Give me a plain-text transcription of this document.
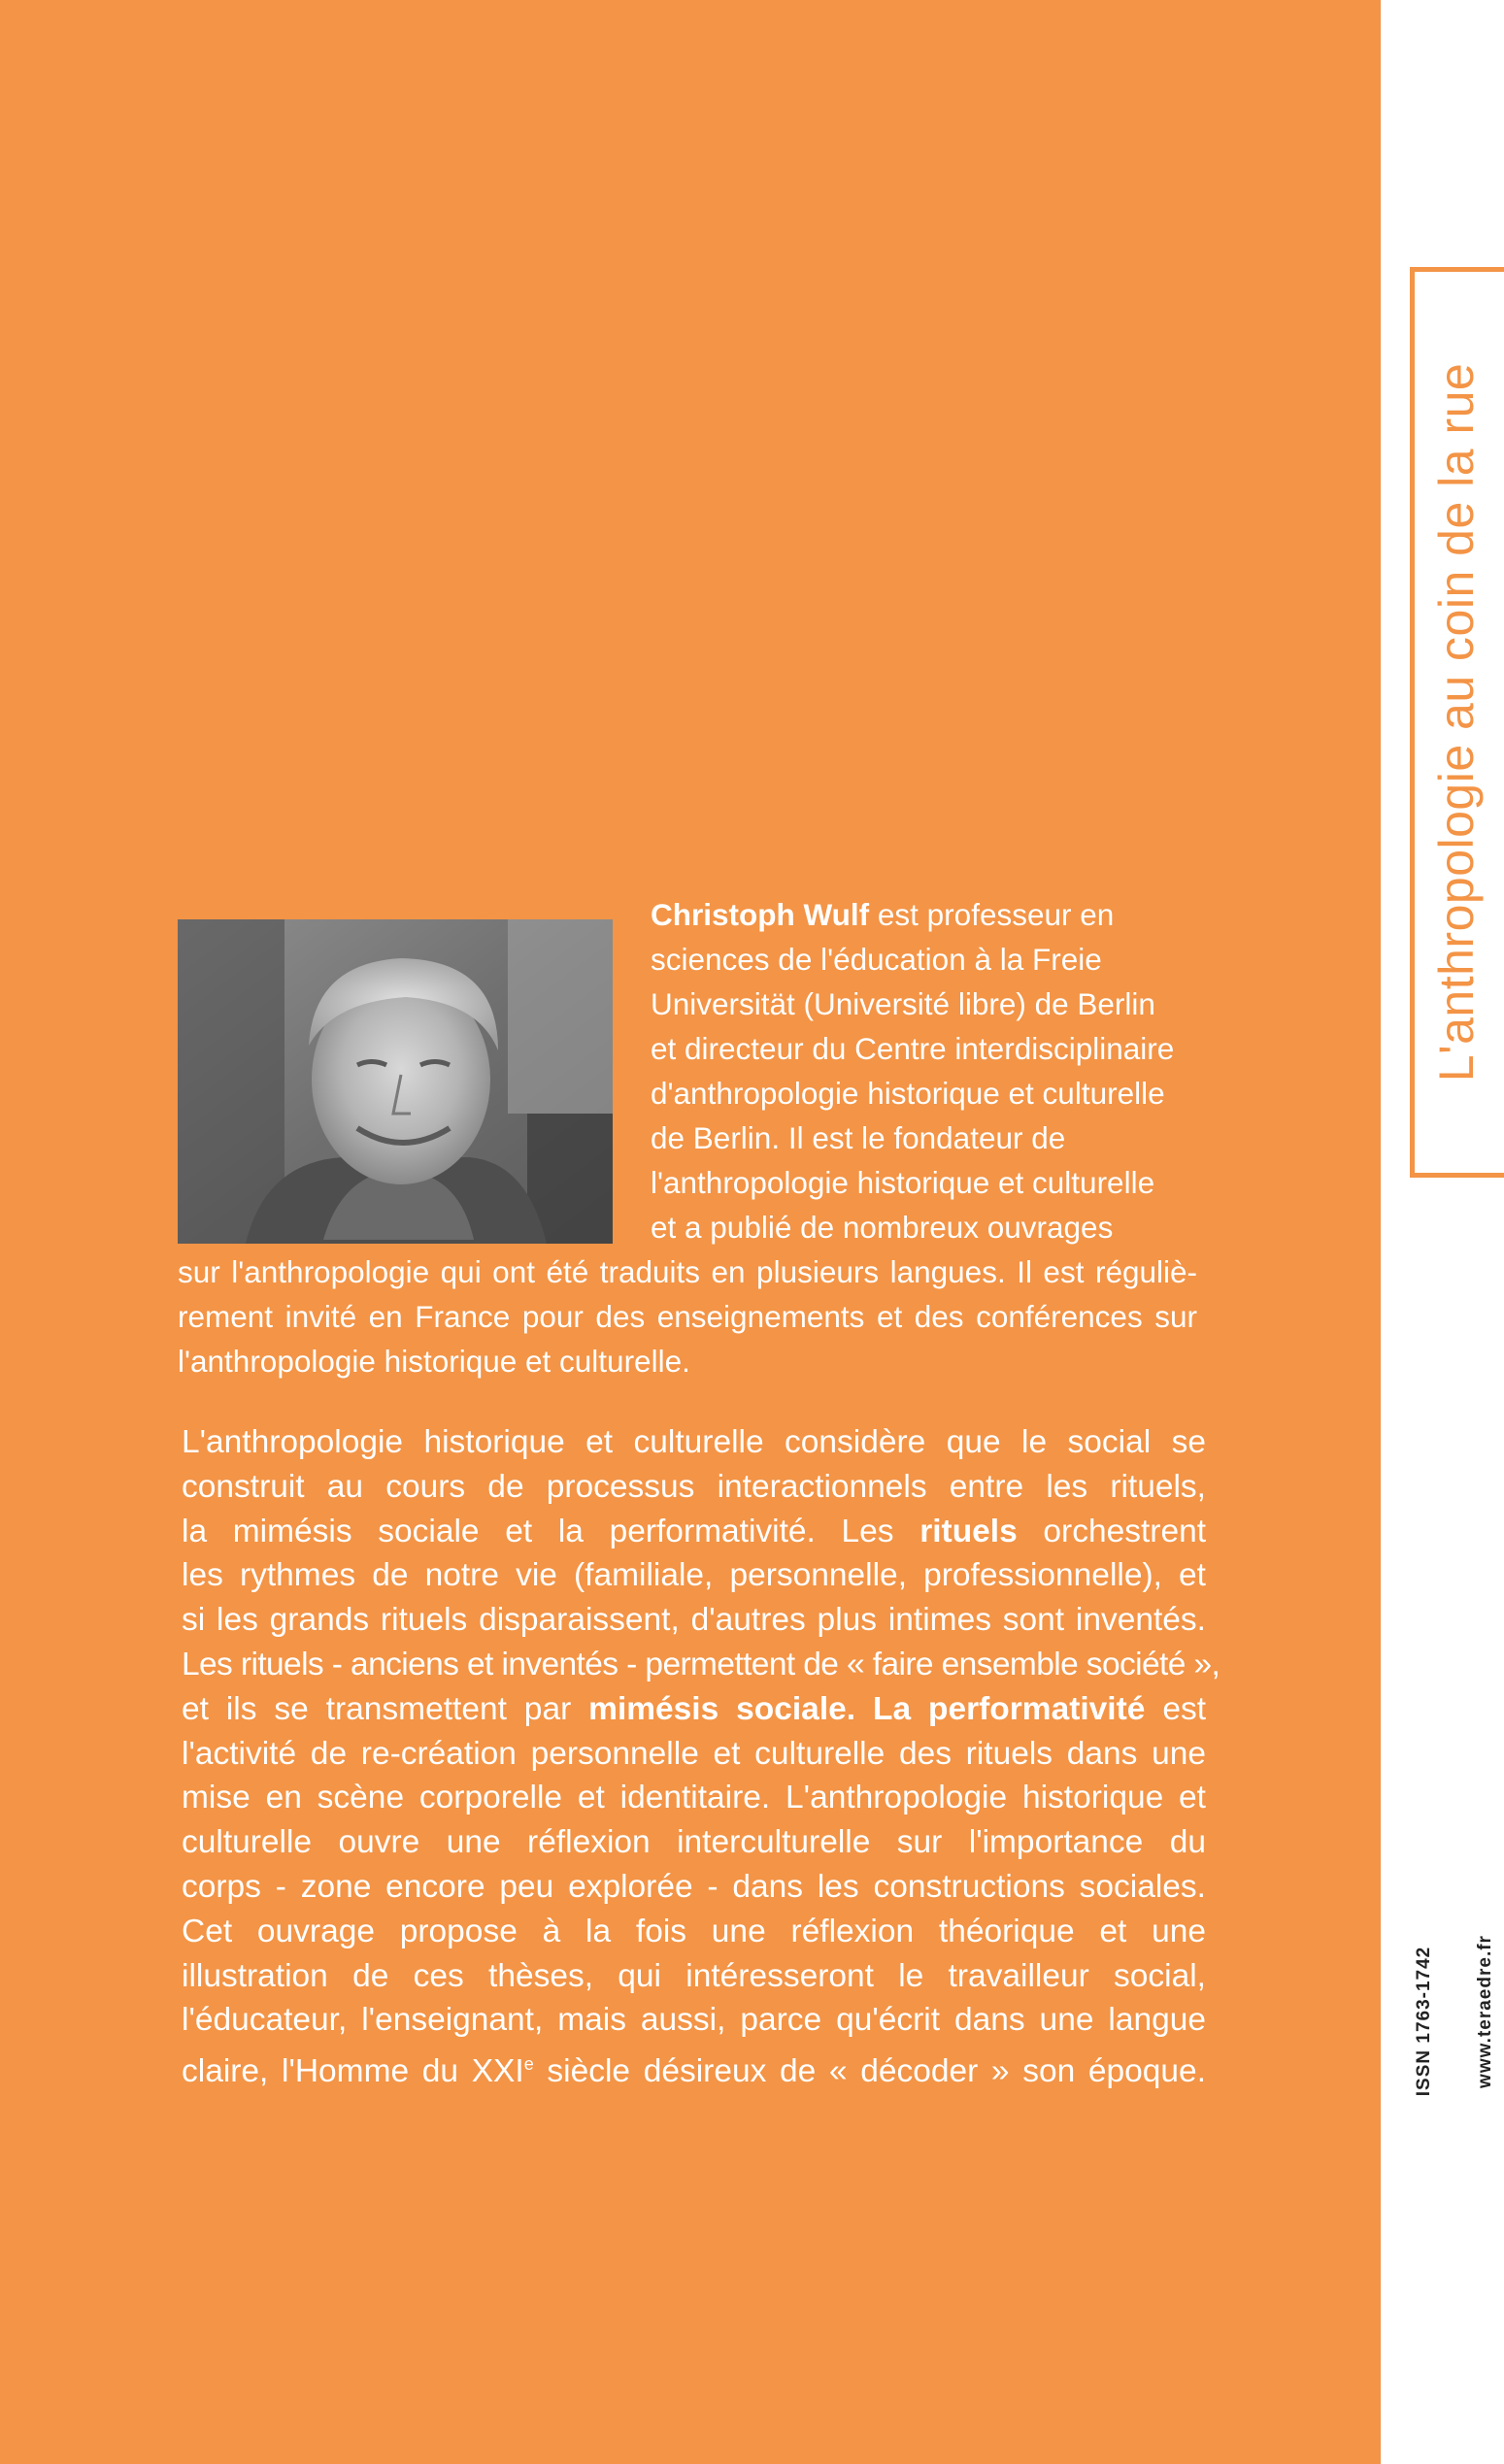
L'anthropologie au coin de la rue
ISSN 1763-1742 www.teraedre.fr
Christoph Wulf est professeur en
sciences de l'éducation à la Freie
Universität (Université libre) de Berlin
et directeur du Centre interdisciplinaire
d'anthropologie historique et culturelle
de Berlin. Il est le fondateur de
l'anthropologie historique et culturelle
et a publié de nombreux ouvrages
sur l'anthropologie qui ont été traduits en plusieurs langues. Il est réguliè-
rement invité en France pour des enseignements et des conférences sur
l'anthropologie historique et culturelle.
L'anthropologie historique et culturelle considère que le social se
construit au cours de processus interactionnels entre les rituels,
la mimésis sociale et la performativité. Les rituels orchestrent
les rythmes de notre vie (familiale, personnelle, professionnelle), et
si les grands rituels disparaissent, d'autres plus intimes sont inventés.
Les rituels - anciens et inventés - permettent de « faire ensemble société »,
et ils se transmettent par mimésis sociale. La performativité est
l'activité de re-création personnelle et culturelle des rituels dans une
mise en scène corporelle et identitaire. L'anthropologie historique et
culturelle ouvre une réflexion interculturelle sur l'importance du
corps - zone encore peu explorée - dans les constructions sociales.
Cet ouvrage propose à la fois une réflexion théorique et une
illustration de ces thèses, qui intéresseront le travailleur social,
l'éducateur, l'enseignant, mais aussi, parce qu'écrit dans une langue
claire, l'Homme du XXIe siècle désireux de « décoder » son époque.
